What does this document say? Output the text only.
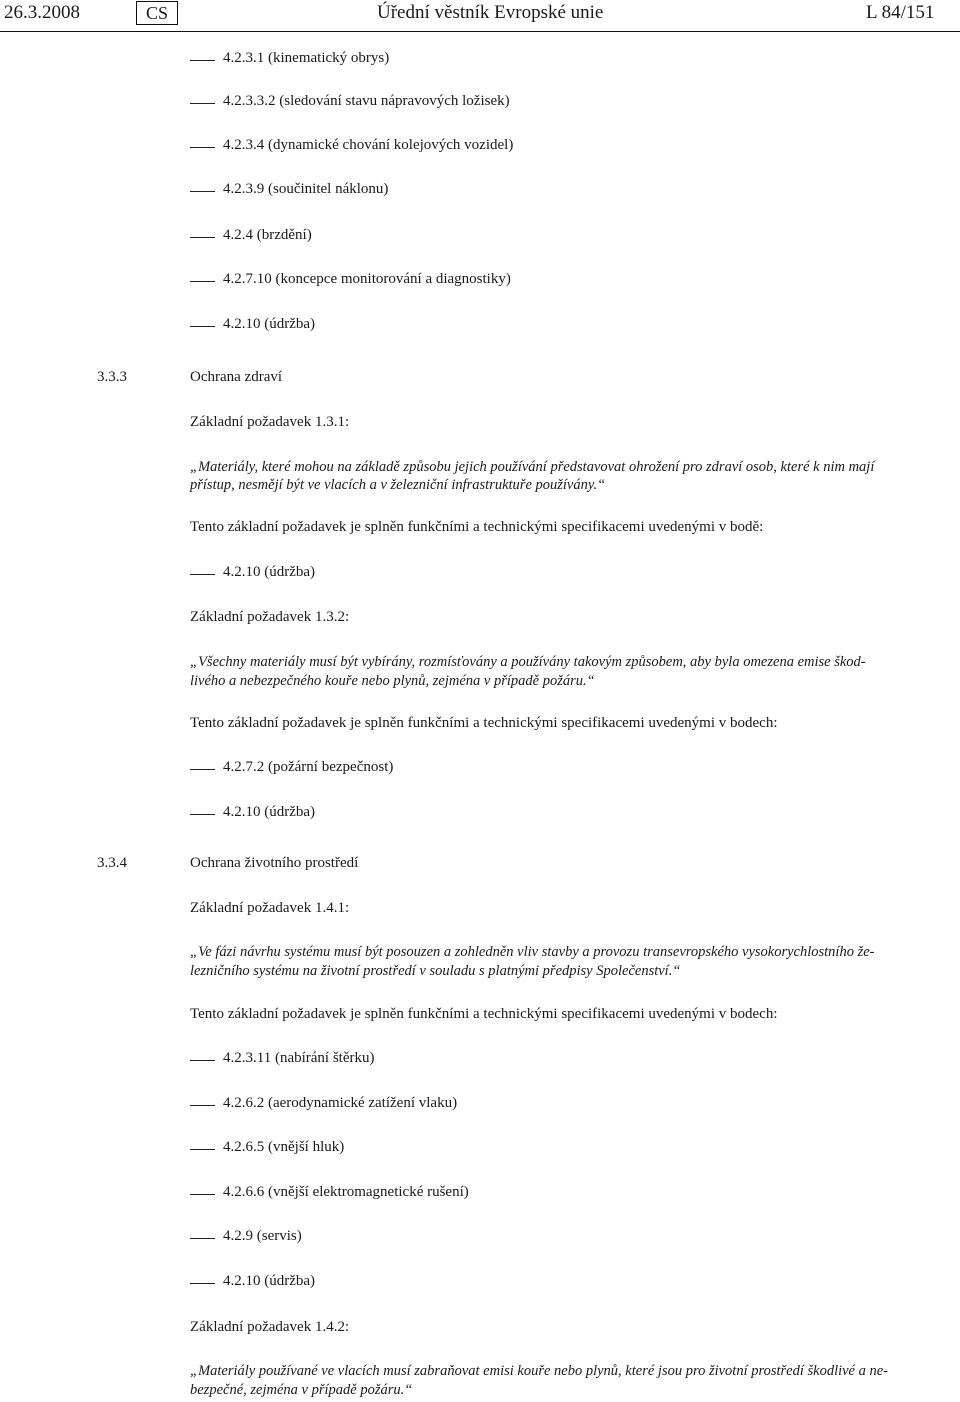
26.3.2008	CS	Úřední věstník Evropské unie	L 84/151
4.2.3.1 (kinematický obrys)
4.2.3.3.2 (sledování stavu nápravových ložisek)
4.2.3.4 (dynamické chování kolejových vozidel)
4.2.3.9 (součinitel náklonu)
4.2.4 (brzdění)
4.2.7.10 (koncepce monitorování a diagnostiky)
4.2.10 (údržba)
3.3.3	Ochrana zdraví
Základní požadavek 1.3.1:
„Materiály, které mohou na základě způsobu jejich používání představovat ohrožení pro zdraví osob, které k nim mají
přístup, nesmějí být ve vlacích a v železniční infrastruktuře používány.“
Tento základní požadavek je splněn funkčními a technickými specifikacemi uvedenými v bodě:
4.2.10 (údržba)
Základní požadavek 1.3.2:
„Všechny materiály musí být vybírány, rozmísťovány a používány takovým způsobem, aby byla omezena emise škod-
livého a nebezpečného kouře nebo plynů, zejména v případě požáru.“
Tento základní požadavek je splněn funkčními a technickými specifikacemi uvedenými v bodech:
4.2.7.2 (požární bezpečnost)
4.2.10 (údržba)
3.3.4	Ochrana životního prostředí
Základní požadavek 1.4.1:
„Ve fázi návrhu systému musí být posouzen a zohledněn vliv stavby a provozu transevropského vysokorychlostního že-
lezničního systému na životní prostředí v souladu s platnými předpisy Společenství.“
Tento základní požadavek je splněn funkčními a technickými specifikacemi uvedenými v bodech:
4.2.3.11 (nabírání štěrku)
4.2.6.2 (aerodynamické zatížení vlaku)
4.2.6.5 (vnější hluk)
4.2.6.6 (vnější elektromagnetické rušení)
4.2.9 (servis)
4.2.10 (údržba)
Základní požadavek 1.4.2:
„Materiály používané ve vlacích musí zabraňovat emisi kouře nebo plynů, které jsou pro životní prostředí škodlivé a ne-
bezpečné, zejména v případě požáru.“
